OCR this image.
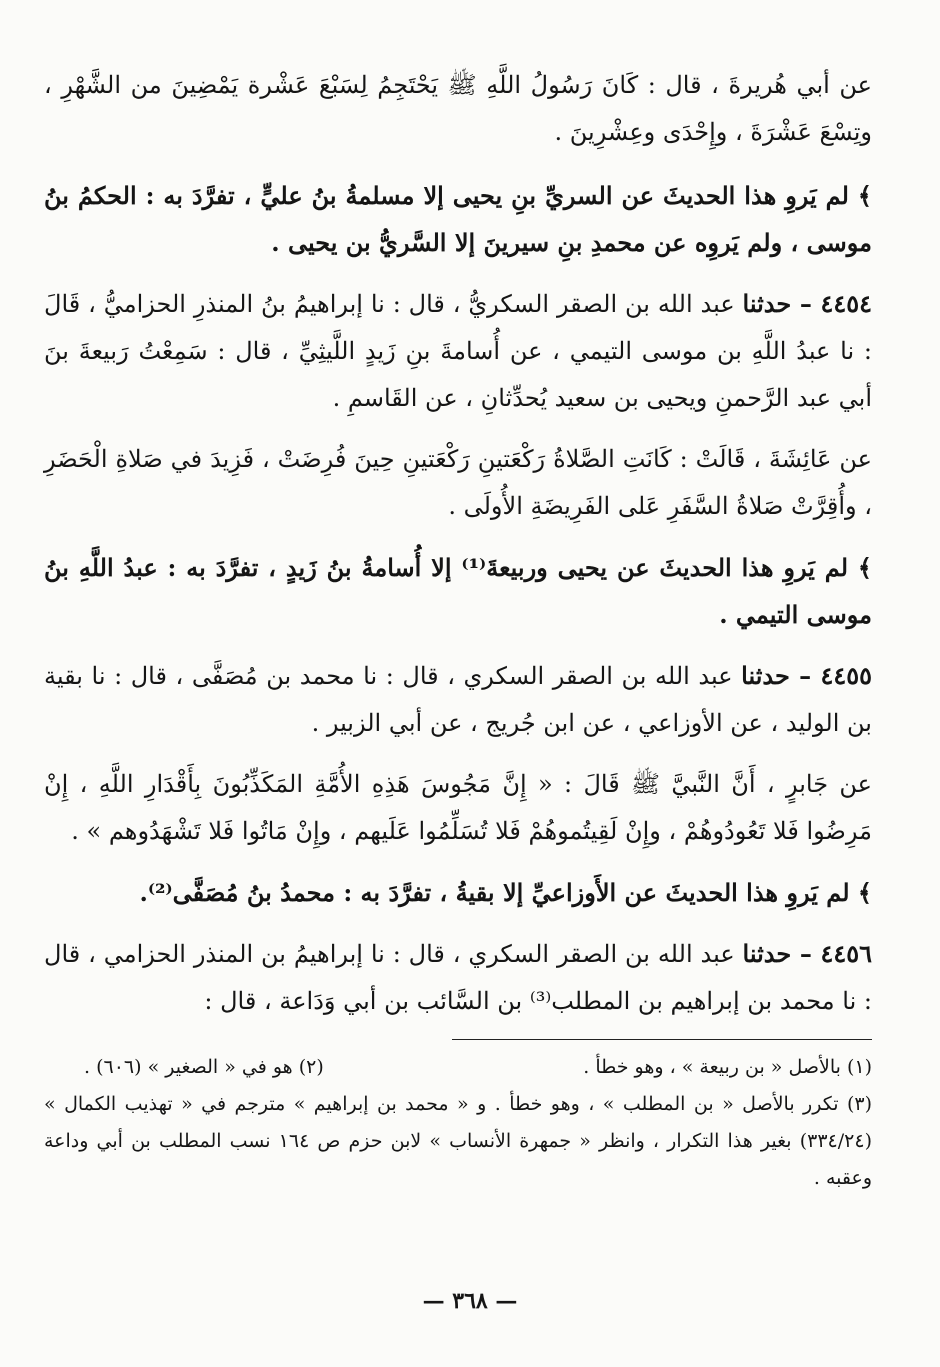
عن أبي هُريرةَ ، قال : كَانَ رَسُولُ اللَّهِ ﷺ يَحْتَجِمُ لِسَبْعَ عَشْرة يَمْضِينَ من الشَّهْرِ ، وتِسْعَ عَشْرَةَ ، وإِحْدَى وعِشْرِينَ .

﴾ لم يَروِ هذا الحديثَ عن السريِّ بنِ يحيى إلا مسلمةُ بنُ عليٍّ ، تفرَّدَ به : الحكمُ بنُ موسى ، ولم يَروِه عن محمدِ بنِ سيرينَ إلا السَّريُّ بن يحيى .

٤٤٥٤ – حدثنا عبد الله بن الصقر السكريُّ ، قال : نا إبراهيمُ بنُ المنذرِ الحزاميُّ ، قَالَ : نا عبدُ اللَّهِ بن موسى التيمي ، عن أُسامةَ بنِ زَيدٍ اللَّيثِيِّ ، قال : سَمِعْتُ رَبيعةَ بنَ أبي عبد الرَّحمنِ ويحيى بن سعيد يُحدِّثانِ ، عن القَاسمِ .

عن عَائِشَةَ ، قَالَتْ : كَانَتِ الصَّلاةُ رَكْعَتينِ رَكْعَتينِ حِينَ فُرِضَتْ ، فَزِيدَ في صَلاةِ الْحَضَرِ ، وأُقِرَّتْ صَلاةُ السَّفَرِ عَلى الفَرِيضَةِ الأُولَى .

﴾ لم يَروِ هذا الحديثَ عن يحيى وربيعةَ⁽¹⁾ إلا أُسامةُ بنُ زَيدٍ ، تفرَّدَ به : عبدُ اللَّهِ بنُ موسى التيمي .

٤٤٥٥ – حدثنا عبد الله بن الصقر السكري ، قال : نا محمد بن مُصَفَّى ، قال : نا بقية بن الوليد ، عن الأوزاعي ، عن ابن جُريج ، عن أبي الزبير .

عن جَابرٍ ، أَنَّ النَّبيَّ ﷺ قَالَ : « إِنَّ مَجُوسَ هَذِهِ الأُمَّةِ المَكَذِّبُونَ بِأَقْدَارِ اللَّهِ ، إِنْ مَرِضُوا فَلا تَعُودُوهُمْ ، وإِنْ لَقِيتُموهُمْ فَلا تُسَلِّمُوا عَلَيهم ، وإِنْ مَاتُوا فَلا تَشْهَدُوهم » .

﴾ لم يَروِ هذا الحديثَ عن الأَوزاعيِّ إلا بقيةُ ، تفرَّدَ به : محمدُ بنُ مُصَفَّى⁽²⁾.

٤٤٥٦ – حدثنا عبد الله بن الصقر السكري ، قال : نا إبراهيمُ بن المنذر الحزامي ، قال : نا محمد بن إبراهيم بن المطلب⁽³⁾ بن السَّائب بن أبي وَدَاعة ، قال :

(١) بالأصل « بن ربيعة » ، وهو خطأ .

(٢) هو في « الصغير » (٦٠٦) .

(٣) تكرر بالأصل « بن المطلب » ، وهو خطأ . و « محمد بن إبراهيم » مترجم في « تهذيب الكمال » (٣٣٤/٢٤) بغير هذا التكرار ، وانظر « جمهرة الأنساب » لابن حزم ص ١٦٤ نسب المطلب بن أبي وداعة وعقبه .

— ٣٦٨ —
